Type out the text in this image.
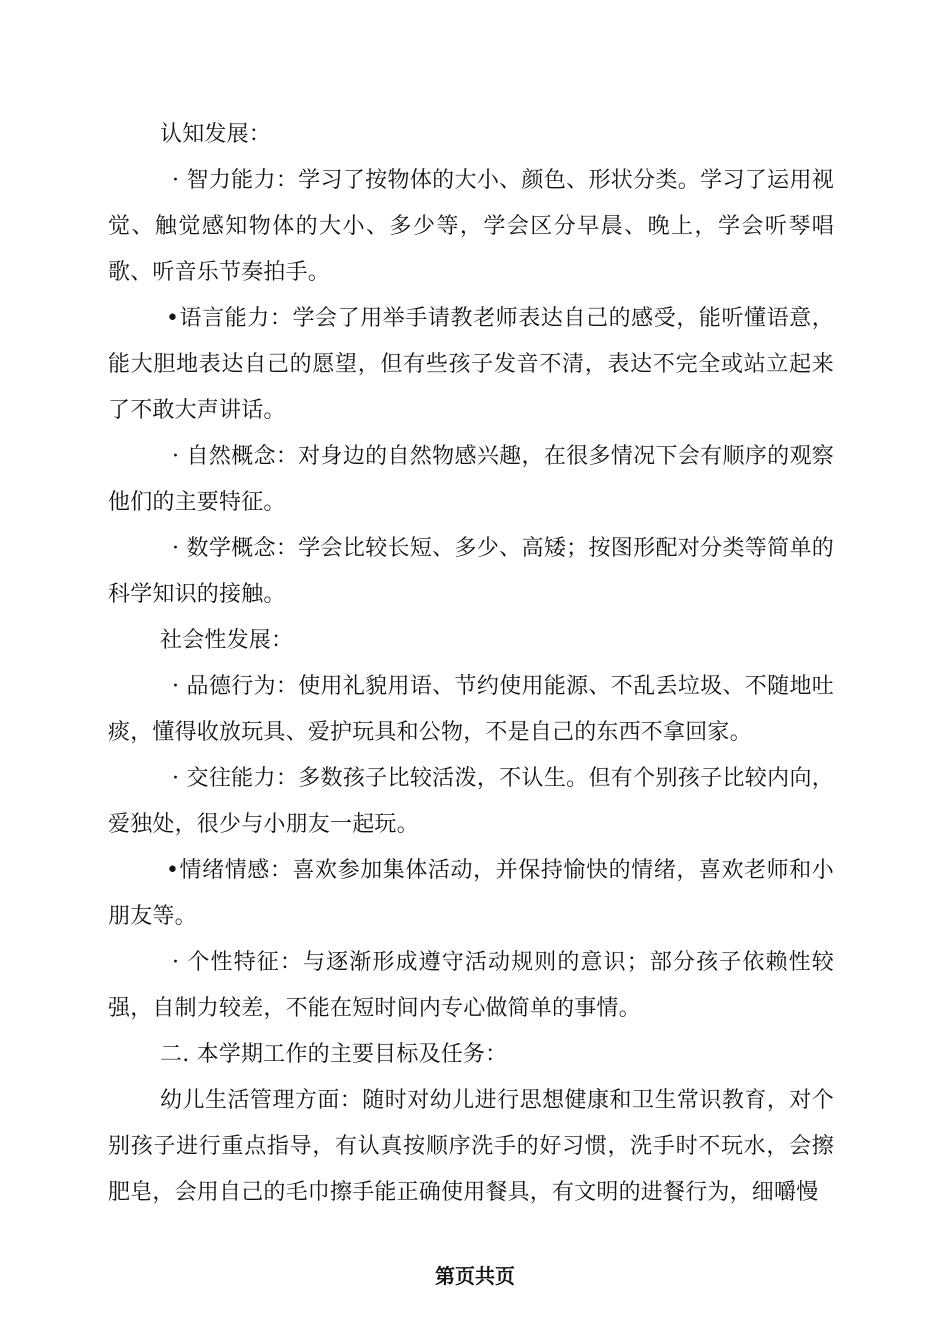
认知发展：

· 智力能力：学习了按物体的大小、颜色、形状分类。学习了运用视觉、触觉感知物体的大小、多少等，学会区分早晨、晚上，学会听琴唱歌、听音乐节奏拍手。

•语言能力：学会了用举手请教老师表达自己的感受，能听懂语意，能大胆地表达自己的愿望，但有些孩子发音不清，表达不完全或站立起来了不敢大声讲话。

· 自然概念：对身边的自然物感兴趣，在很多情况下会有顺序的观察他们的主要特征。

· 数学概念：学会比较长短、多少、高矮；按图形配对分类等简单的科学知识的接触。

社会性发展：

· 品德行为：使用礼貌用语、节约使用能源、不乱丢垃圾、不随地吐痰，懂得收放玩具、爱护玩具和公物，不是自己的东西不拿回家。

· 交往能力：多数孩子比较活泼，不认生。但有个别孩子比较内向，爱独处，很少与小朋友一起玩。

•情绪情感：喜欢参加集体活动，并保持愉快的情绪，喜欢老师和小朋友等。

· 个性特征：与逐渐形成遵守活动规则的意识；部分孩子依赖性较强，自制力较差，不能在短时间内专心做简单的事情。

二. 本学期工作的主要目标及任务：

幼儿生活管理方面：随时对幼儿进行思想健康和卫生常识教育，对个别孩子进行重点指导，有认真按顺序洗手的好习惯，洗手时不玩水，会擦肥皂，会用自己的毛巾擦手能正确使用餐具，有文明的进餐行为，细嚼慢

第页共页
